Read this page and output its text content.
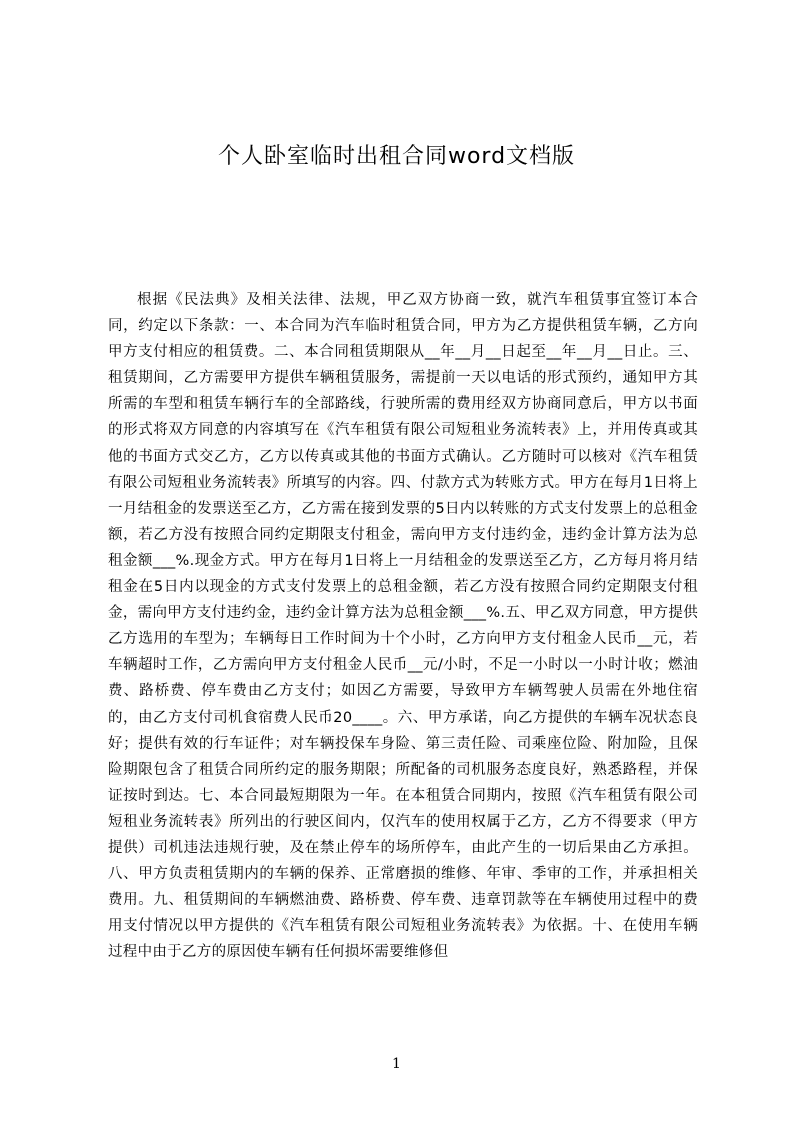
个人卧室临时出租合同word文档版
根据《民法典》及相关法律、法规，甲乙双方协商一致，就汽车租赁事宜签订本合同，约定以下条款：一、本合同为汽车临时租赁合同，甲方为乙方提供租赁车辆，乙方向甲方支付相应的租赁费。二、本合同租赁期限从__年__月__日起至__年__月__日止。三、租赁期间，乙方需要甲方提供车辆租赁服务，需提前一天以电话的形式预约，通知甲方其所需的车型和租赁车辆行车的全部路线，行驶所需的费用经双方协商同意后，甲方以书面的形式将双方同意的内容填写在《汽车租赁有限公司短租业务流转表》上，并用传真或其他的书面方式交乙方，乙方以传真或其他的书面方式确认。乙方随时可以核对《汽车租赁有限公司短租业务流转表》所填写的内容。四、付款方式为转账方式。甲方在每月1日将上一月结租金的发票送至乙方，乙方需在接到发票的5日内以转账的方式支付发票上的总租金额，若乙方没有按照合同约定期限支付租金，需向甲方支付违约金，违约金计算方法为总租金额___%.现金方式。甲方在每月1日将上一月结租金的发票送至乙方，乙方每月将月结租金在5日内以现金的方式支付发票上的总租金额，若乙方没有按照合同约定期限支付租金，需向甲方支付违约金，违约金计算方法为总租金额___%.五、甲乙双方同意，甲方提供乙方选用的车型为；车辆每日工作时间为十个小时，乙方向甲方支付租金人民币__元，若车辆超时工作，乙方需向甲方支付租金人民币__元/小时，不足一小时以一小时计收；燃油费、路桥费、停车费由乙方支付；如因乙方需要，导致甲方车辆驾驶人员需在外地住宿的，由乙方支付司机食宿费人民币20____。六、甲方承诺，向乙方提供的车辆车况状态良好；提供有效的行车证件；对车辆投保车身险、第三责任险、司乘座位险、附加险，且保险期限包含了租赁合同所约定的服务期限；所配备的司机服务态度良好，熟悉路程，并保证按时到达。七、本合同最短期限为一年。在本租赁合同期内，按照《汽车租赁有限公司短租业务流转表》所列出的行驶区间内，仅汽车的使用权属于乙方，乙方不得要求（甲方提供）司机违法违规行驶，及在禁止停车的场所停车，由此产生的一切后果由乙方承担。八、甲方负责租赁期内的车辆的保养、正常磨损的维修、年审、季审的工作，并承担相关费用。九、租赁期间的车辆燃油费、路桥费、停车费、违章罚款等在车辆使用过程中的费用支付情况以甲方提供的《汽车租赁有限公司短租业务流转表》为依据。十、在使用车辆过程中由于乙方的原因使车辆有任何损坏需要维修但
1
